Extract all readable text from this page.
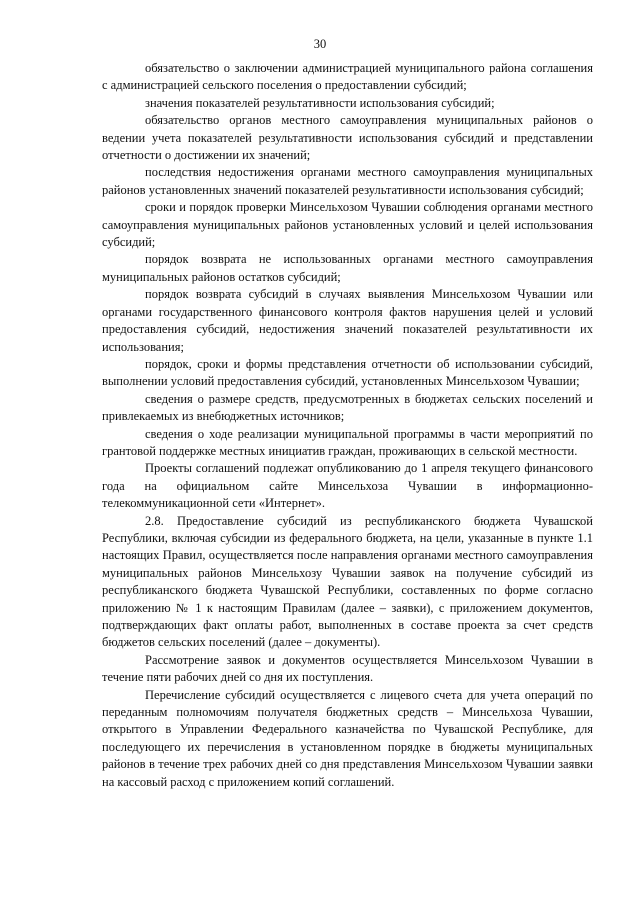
30

обязательство о заключении администрацией муниципального района соглашения с администрацией сельского поселения о предоставлении субсидий;

значения показателей результативности использования субсидий;

обязательство органов местного самоуправления муниципальных районов о ведении учета показателей результативности использования субсидий и представлении отчетности о достижении их значений;

последствия недостижения органами местного самоуправления муниципальных районов установленных значений показателей результативности использования субсидий;

сроки и порядок проверки Минсельхозом Чувашии соблюдения органами местного самоуправления муниципальных районов установленных условий и целей использования субсидий;

порядок возврата не использованных органами местного самоуправления муниципальных районов остатков субсидий;

порядок возврата субсидий в случаях выявления Минсельхозом Чувашии или органами государственного финансового контроля фактов нарушения целей и условий предоставления субсидий, недостижения значений показателей результативности их использования;

порядок, сроки и формы представления отчетности об использовании субсидий, выполнении условий предоставления субсидий, установленных Минсельхозом Чувашии;

сведения о размере средств, предусмотренных в бюджетах сельских поселений и привлекаемых из внебюджетных источников;

сведения о ходе реализации муниципальной программы в части мероприятий по грантовой поддержке местных инициатив граждан, проживающих в сельской местности.

Проекты соглашений подлежат опубликованию до 1 апреля текущего финансового года на официальном сайте Минсельхоза Чувашии в информационно-телекоммуникационной сети «Интернет».

2.8. Предоставление субсидий из республиканского бюджета Чувашской Республики, включая субсидии из федерального бюджета, на цели, указанные в пункте 1.1 настоящих Правил, осуществляется после направления органами местного самоуправления муниципальных районов Минсельхозу Чувашии заявок на получение субсидий из республиканского бюджета Чувашской Республики, составленных по форме согласно приложению № 1 к настоящим Правилам (далее – заявки), с приложением документов, подтверждающих факт оплаты работ, выполненных в составе проекта за счет средств бюджетов сельских поселений (далее – документы).

Рассмотрение заявок и документов осуществляется Минсельхозом Чувашии в течение пяти рабочих дней со дня их поступления.

Перечисление субсидий осуществляется с лицевого счета для учета операций по переданным полномочиям получателя бюджетных средств – Минсельхоза Чувашии, открытого в Управлении Федерального казначейства по Чувашской Республике, для последующего их перечисления в установленном порядке в бюджеты муниципальных районов в течение трех рабочих дней со дня представления Минсельхозом Чувашии заявки на кассовый расход с приложением копий соглашений.
